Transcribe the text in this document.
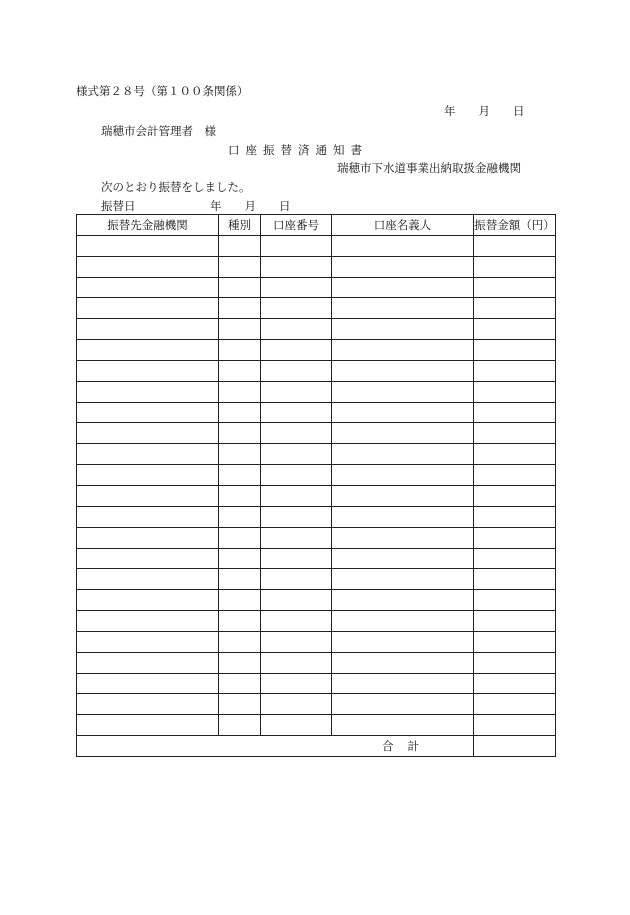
様式第２８号（第１００条関係）
年　　月　　日
瑞穂市会計管理者　様
口座振替済通知書
瑞穂市下水道事業出納取扱金融機関
次のとおり振替をしました。
振替日	年　　月　　日
振替先金融機関	種別	口座番号	口座名義人	振替金額（円）

合計				
